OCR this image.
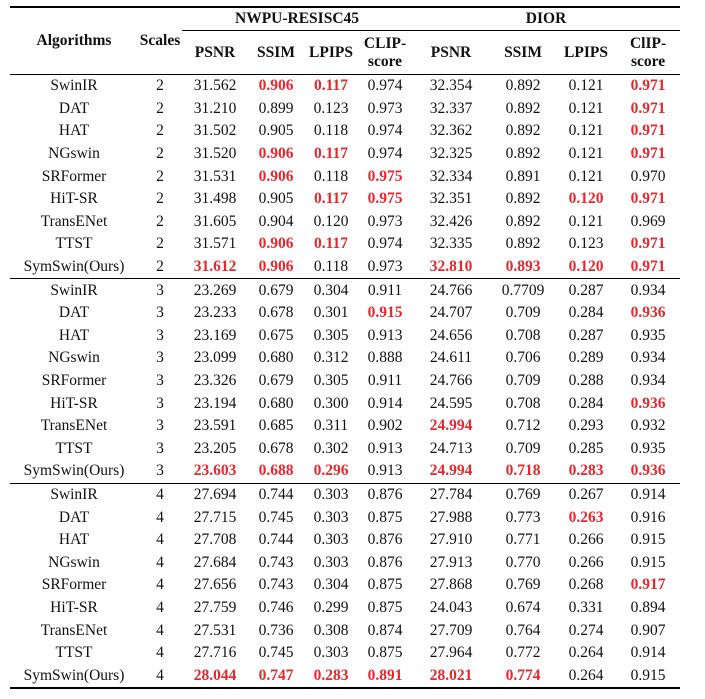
Algorithms	Scales	NWPU-RESISC45				DIOR			
		PSNR	SSIM	LPIPS	CLIP-	PSNR	SSIM	LPIPS	ClIP-
					score				score
SwinIR	2	31.562	0.906	0.117	0.974	32.354	0.892	0.121	0.971
DAT	2	31.210	0.899	0.123	0.973	32.337	0.892	0.121	0.971
HAT	2	31.502	0.905	0.118	0.974	32.362	0.892	0.121	0.971
NGswin	2	31.520	0.906	0.117	0.974	32.325	0.892	0.121	0.971
SRFormer	2	31.531	0.906	0.118	0.975	32.334	0.891	0.121	0.970
HiT-SR	2	31.498	0.905	0.117	0.975	32.351	0.892	0.120	0.971
TransENet	2	31.605	0.904	0.120	0.973	32.426	0.892	0.121	0.969
TTST	2	31.571	0.906	0.117	0.974	32.335	0.892	0.123	0.971
SymSwin(Ours)	2	31.612	0.906	0.118	0.973	32.810	0.893	0.120	0.971
SwinIR	3	23.269	0.679	0.304	0.911	24.766	0.7709	0.287	0.934
DAT	3	23.233	0.678	0.301	0.915	24.707	0.709	0.284	0.936
HAT	3	23.169	0.675	0.305	0.913	24.656	0.708	0.287	0.935
NGswin	3	23.099	0.680	0.312	0.888	24.611	0.706	0.289	0.934
SRFormer	3	23.326	0.679	0.305	0.911	24.766	0.709	0.288	0.934
HiT-SR	3	23.194	0.680	0.300	0.914	24.595	0.708	0.284	0.936
TransENet	3	23.591	0.685	0.311	0.902	24.994	0.712	0.293	0.932
TTST	3	23.205	0.678	0.302	0.913	24.713	0.709	0.285	0.935
SymSwin(Ours)	3	23.603	0.688	0.296	0.913	24.994	0.718	0.283	0.936
SwinIR	4	27.694	0.744	0.303	0.876	27.784	0.769	0.267	0.914
DAT	4	27.715	0.745	0.303	0.875	27.988	0.773	0.263	0.916
HAT	4	27.708	0.744	0.303	0.876	27.910	0.771	0.266	0.915
NGswin	4	27.684	0.743	0.303	0.876	27.913	0.770	0.266	0.915
SRFormer	4	27.656	0.743	0.304	0.875	27.868	0.769	0.268	0.917
HiT-SR	4	27.759	0.746	0.299	0.875	24.043	0.674	0.331	0.894
TransENet	4	27.531	0.736	0.308	0.874	27.709	0.764	0.274	0.907
TTST	4	27.716	0.745	0.303	0.875	27.964	0.772	0.264	0.914
SymSwin(Ours)	4	28.044	0.747	0.283	0.891	28.021	0.774	0.264	0.915
